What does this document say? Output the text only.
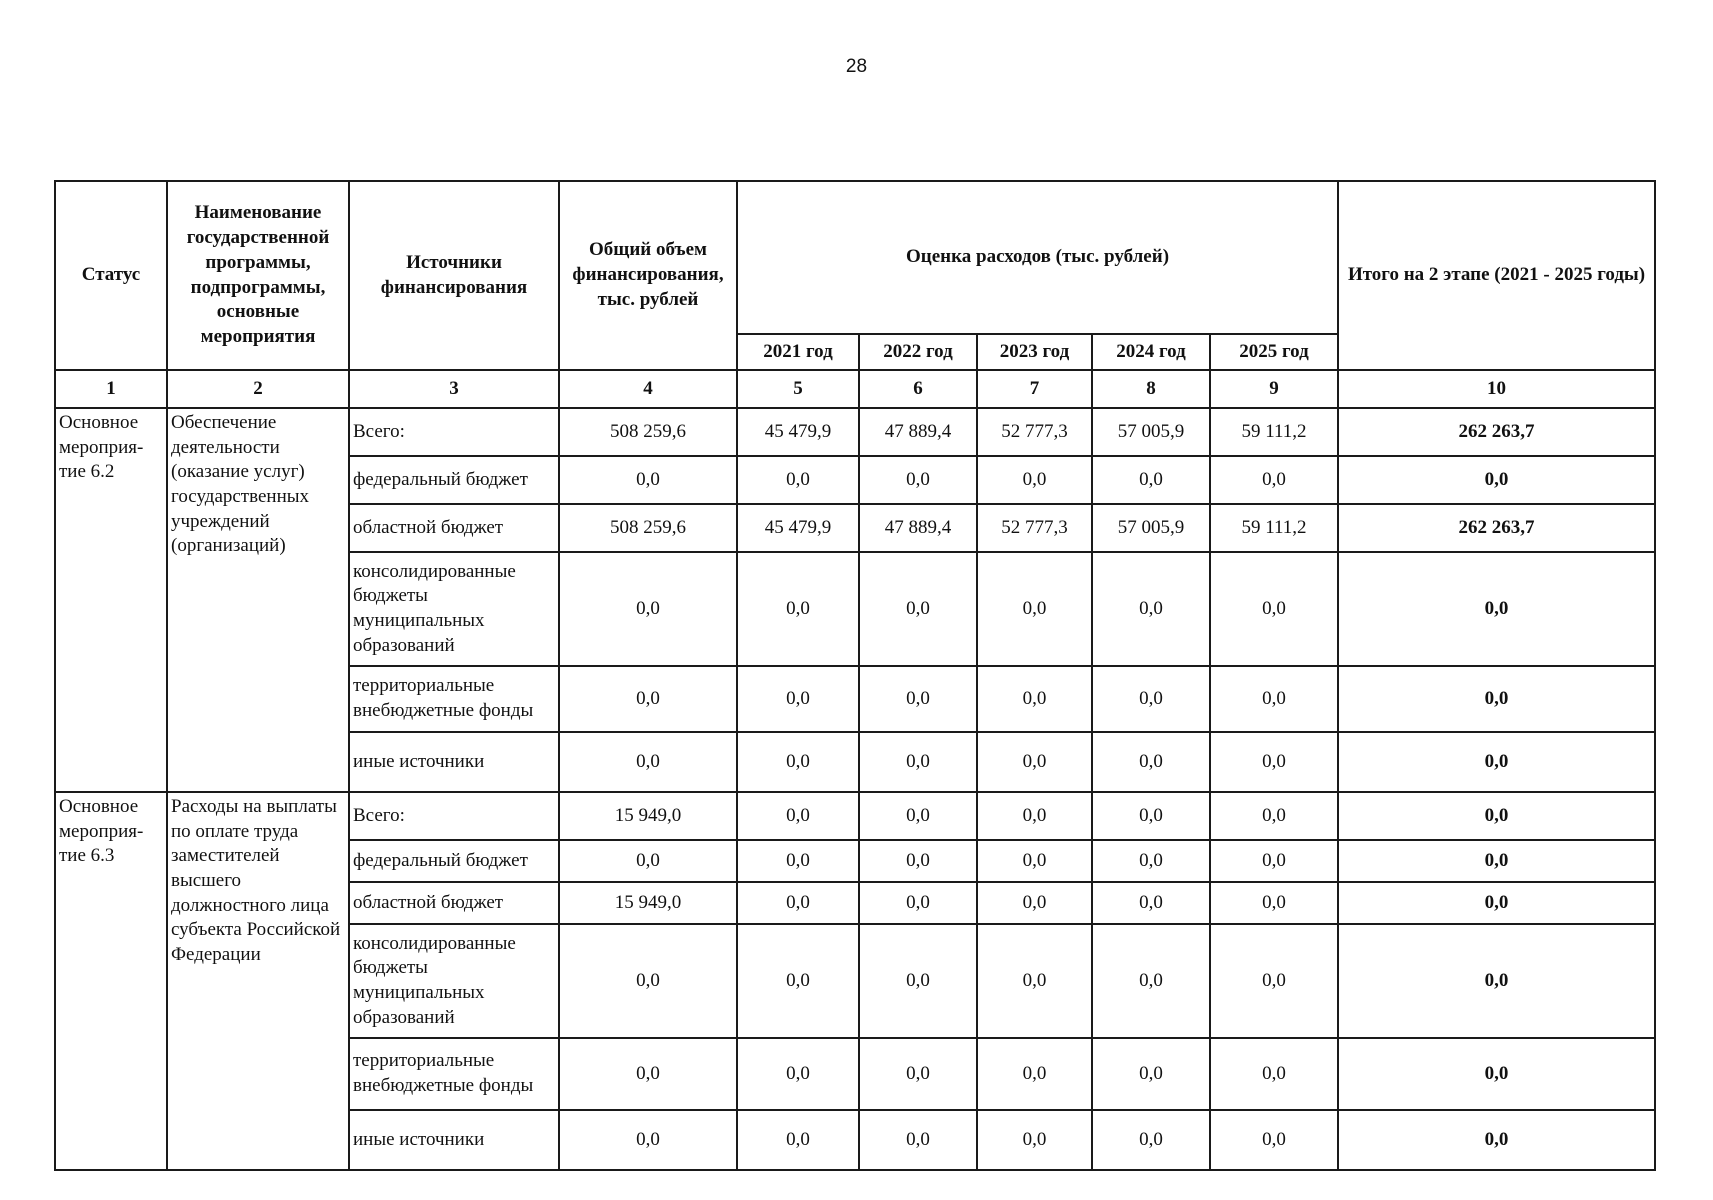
28
Статус	Наименование государственной программы, подпрограммы, основные мероприятия	Источники финансирования	Общий объем финансирования, тыс. рублей	Оценка расходов (тыс. рублей)					Итого на 2 этапе (2021 - 2025 годы)
				2021 год	2022 год	2023 год	2024 год	2025 год	
1	2	3	4	5	6	7	8	9	10
Основное мероприя-тие 6.2	Обеспечение деятельности (оказание услуг) государственных учреждений (организаций)	Всего:	508 259,6	45 479,9	47 889,4	52 777,3	57 005,9	59 111,2	262 263,7
		федеральный бюджет	0,0	0,0	0,0	0,0	0,0	0,0	0,0
		областной бюджет	508 259,6	45 479,9	47 889,4	52 777,3	57 005,9	59 111,2	262 263,7
		консолидированные бюджеты муниципальных образований	0,0	0,0	0,0	0,0	0,0	0,0	0,0
		территориальные внебюджетные фонды	0,0	0,0	0,0	0,0	0,0	0,0	0,0
		иные источники	0,0	0,0	0,0	0,0	0,0	0,0	0,0
Основное мероприя-тие 6.3	Расходы на выплаты по оплате труда заместителей высшего должностного лица субъекта Российской Федерации	Всего:	15 949,0	0,0	0,0	0,0	0,0	0,0	0,0
		федеральный бюджет	0,0	0,0	0,0	0,0	0,0	0,0	0,0
		областной бюджет	15 949,0	0,0	0,0	0,0	0,0	0,0	0,0
		консолидированные бюджеты муниципальных образований	0,0	0,0	0,0	0,0	0,0	0,0	0,0
		территориальные внебюджетные фонды	0,0	0,0	0,0	0,0	0,0	0,0	0,0
		иные источники	0,0	0,0	0,0	0,0	0,0	0,0	0,0
